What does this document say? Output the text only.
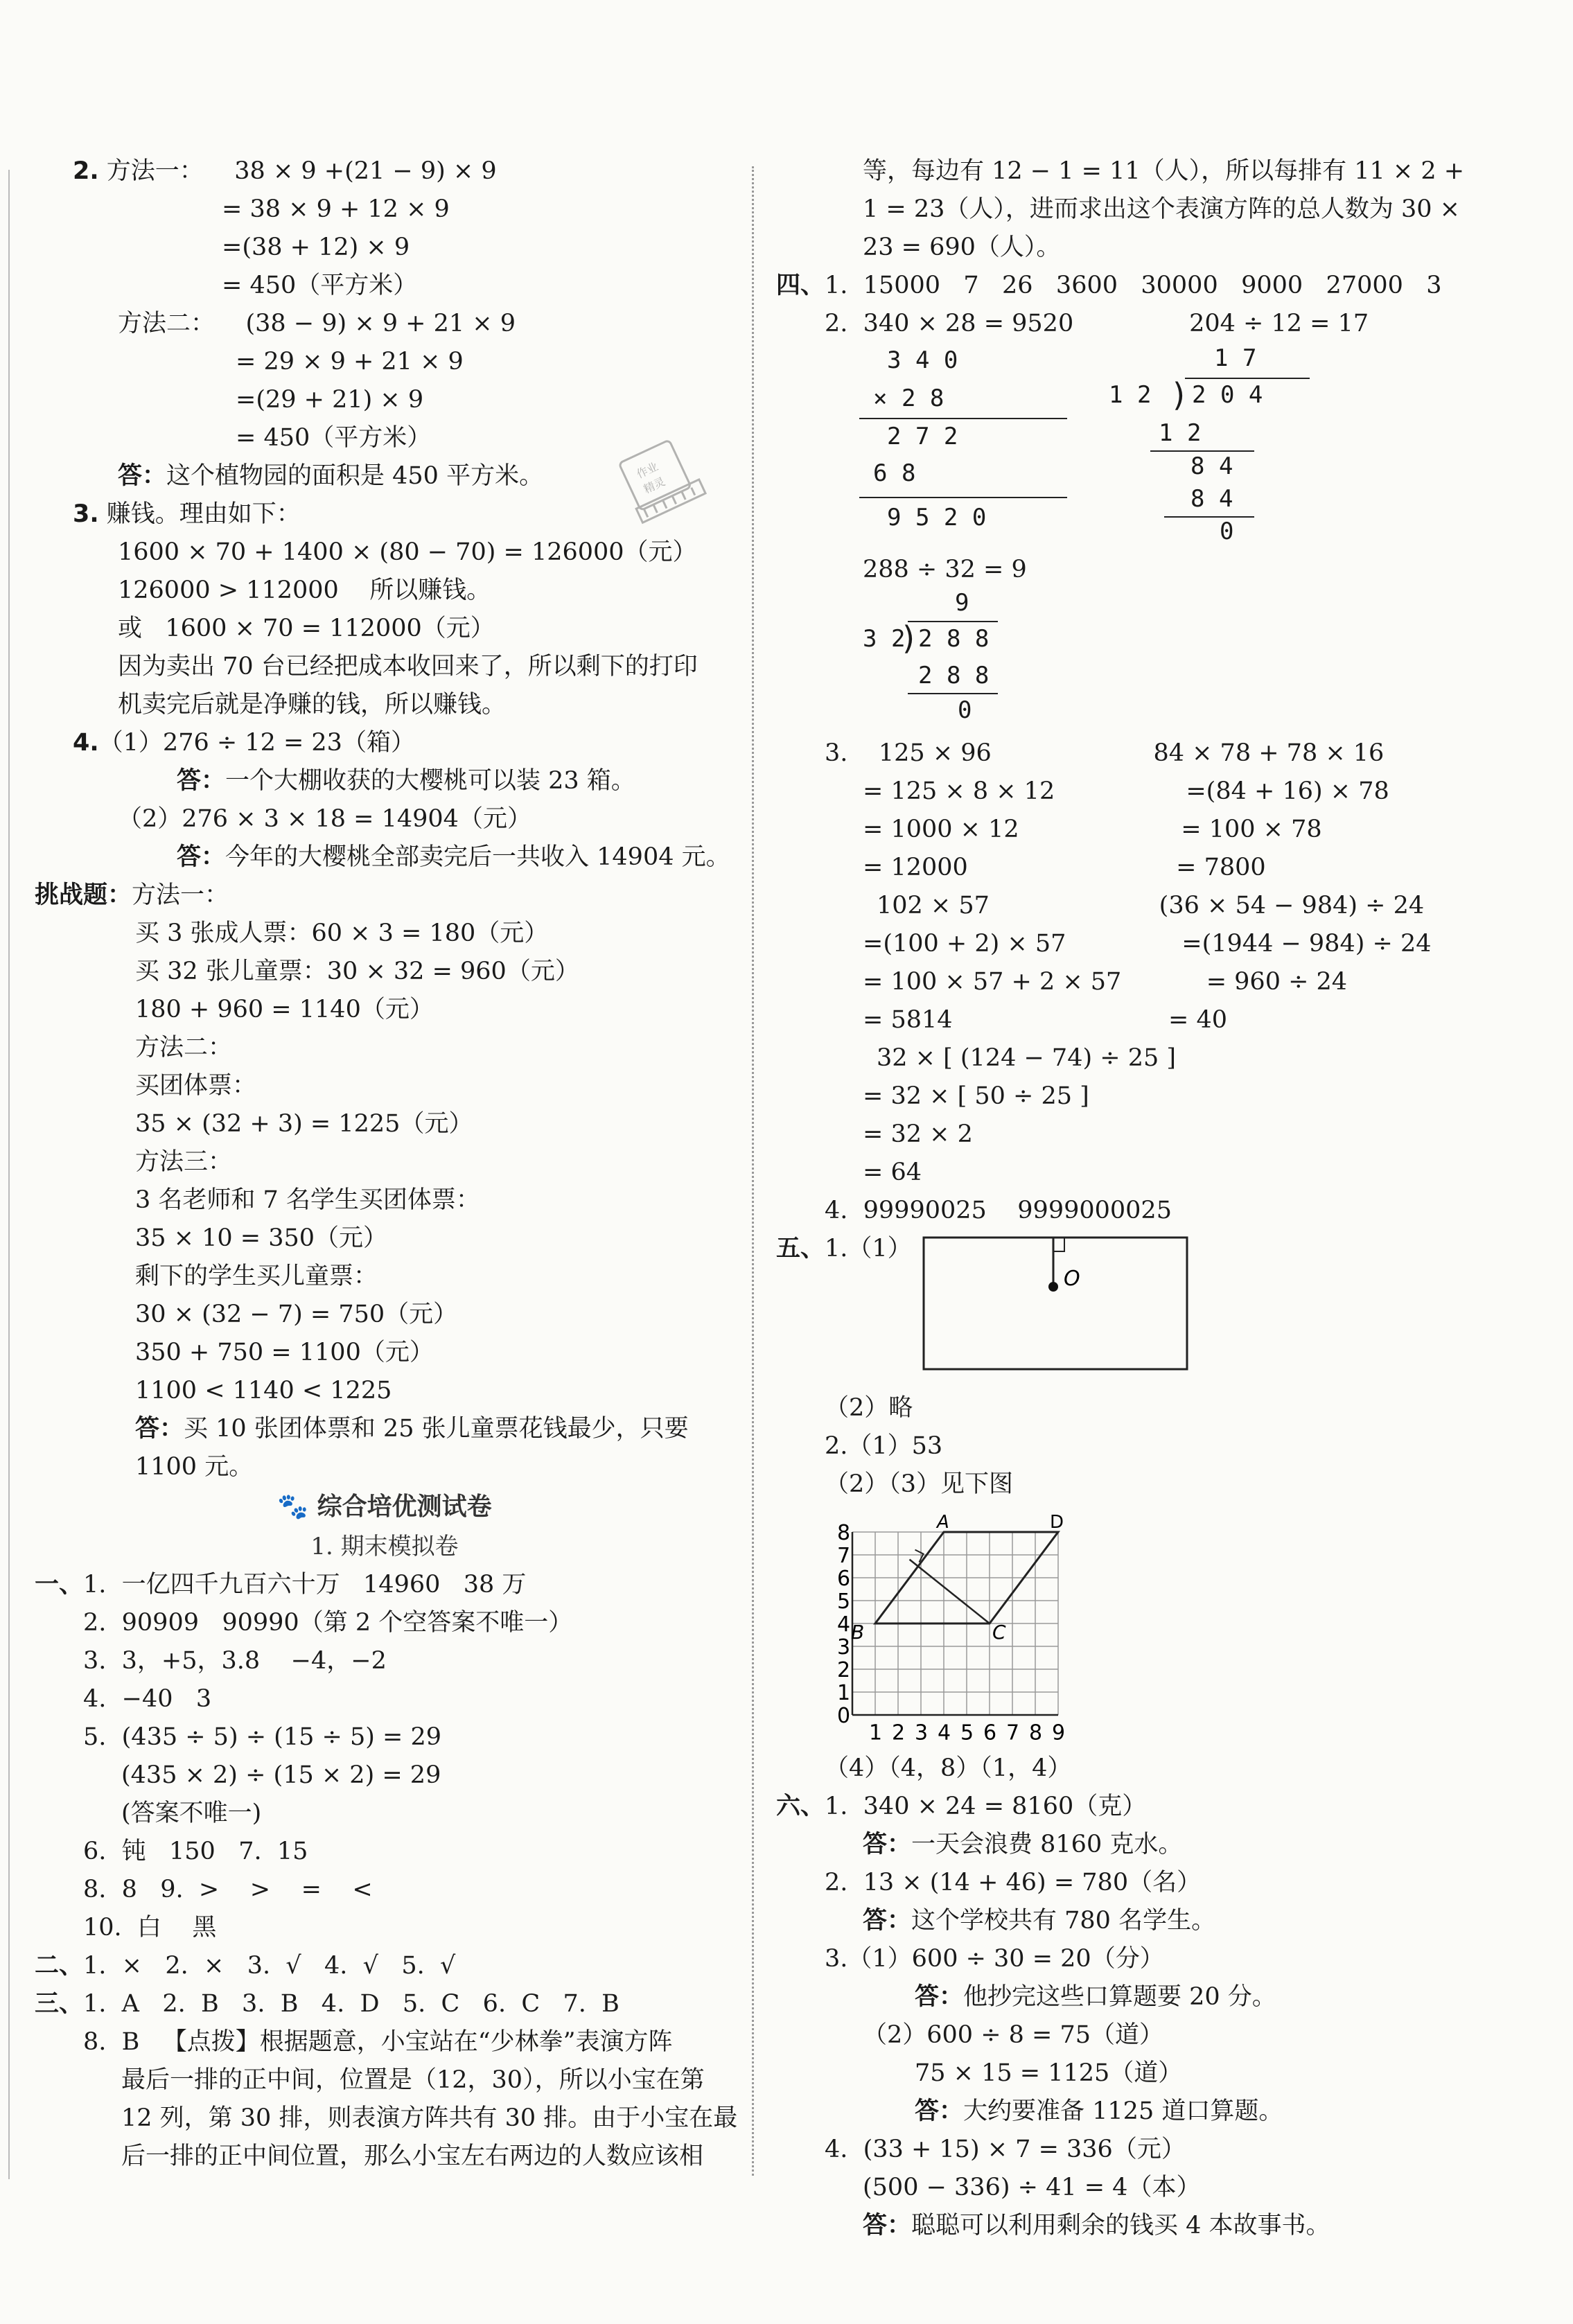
2. 方法一：    38 × 9 +(21 − 9) × 9
= 38 × 9 + 12 × 9
=(38 + 12) × 9
= 450（平方米）
方法二：    (38 − 9) × 9 + 21 × 9
= 29 × 9 + 21 × 9
=(29 + 21) × 9
= 450（平方米）
答：这个植物园的面积是 450 平方米。
3. 赚钱。理由如下：
1600 × 70 + 1400 × (80 − 70) = 126000（元）
126000 > 112000    所以赚钱。
或   1600 × 70 = 112000（元）
因为卖出 70 台已经把成本收回来了，所以剩下的打印
机卖完后就是净赚的钱，所以赚钱。
4.（1）276 ÷ 12 = 23（箱）
答：一个大棚收获的大樱桃可以装 23 箱。
（2）276 × 3 × 18 = 14904（元）
答：今年的大樱桃全部卖完后一共收入 14904 元。
挑战题：方法一：
买 3 张成人票：60 × 3 = 180（元）
买 32 张儿童票：30 × 32 = 960（元）
180 + 960 = 1140（元）
方法二：
买团体票：
35 × (32 + 3) = 1225（元）
方法三：
3 名老师和 7 名学生买团体票：
35 × 10 = 350（元）
剩下的学生买儿童票：
30 × (32 − 7) = 750（元）
350 + 750 = 1100（元）
1100 < 1140 < 1225
答：买 10 张团体票和 25 张儿童票花钱最少，只要
1100 元。
🐾 综合培优测试卷
1. 期末模拟卷
一、1.  一亿四千九百六十万   14960   38 万
2.  90909   90990（第 2 个空答案不唯一）
3.  3，+5，3.8    −4，−2
4.  −40   3
5.  (435 ÷ 5) ÷ (15 ÷ 5) = 29
(435 × 2) ÷ (15 × 2) = 29
(答案不唯一)
6.  钝   150   7.  15
8.  8   9.  >    >    =    <
10.  白    黑
二、1.  ×   2.  ×   3.  √   4.  √   5.  √
三、1.  A   2.  B   3.  B   4.  D   5.  C   6.  C   7.  B
8.  B   【点拨】根据题意，小宝站在“少林拳”表演方阵
最后一排的正中间，位置是（12，30），所以小宝在第
12 列，第 30 排，则表演方阵共有 30 排。由于小宝在最
后一排的正中间位置，那么小宝左右两边的人数应该相
等，每边有 12 − 1 = 11（人），所以每排有 11 × 2 +
1 = 23（人），进而求出这个表演方阵的总人数为 30 ×
23 = 690（人）。
四、1.  15000   7   26   3600   30000   9000   27000   3
2.  340 × 28 = 9520               204 ÷ 12 = 17
3 4 0
× 2 8
2 7 2
6 8
9 5 2 0
1 7
1 2 ) 2 0 4
1 2
8 4
8 4
0
288 ÷ 32 = 9
9
3 2
) 2 8 8
2 8 8
0
3.    125 × 96                     84 × 78 + 78 × 16
= 125 × 8 × 12                 =(84 + 16) × 78
= 1000 × 12                     = 100 × 78
= 12000                           = 7800
102 × 57                      (36 × 54 − 984) ÷ 24
=(100 + 2) × 57               =(1944 − 984) ÷ 24
= 100 × 57 + 2 × 57           = 960 ÷ 24
= 5814                            = 40
32 × [ (124 − 74) ÷ 25 ]
= 32 × [ 50 ÷ 25 ]
= 32 × 2
= 64
4.  99990025    9999000025
五、 1.（1）
O
（2）略
2.（1）53
（2）（3）见下图
8
7
6
5
4
3
2
1
0
1 2 3 4 5 6 7 8 9
A	D
B	C
（4）（4，8）（1，4）
六、1.  340 × 24 = 8160（克）
答：一天会浪费 8160 克水。
2.  13 × (14 + 46) = 780（名）
答：这个学校共有 780 名学生。
3.（1）600 ÷ 30 = 20（分）
答：他抄完这些口算题要 20 分。
（2）600 ÷ 8 = 75（道）
75 × 15 = 1125（道）
答：大约要准备 1125 道口算题。
4.  (33 + 15) × 7 = 336（元）
(500 − 336) ÷ 41 = 4（本）
答：聪聪可以利用剩余的钱买 4 本故事书。
作业
精灵
